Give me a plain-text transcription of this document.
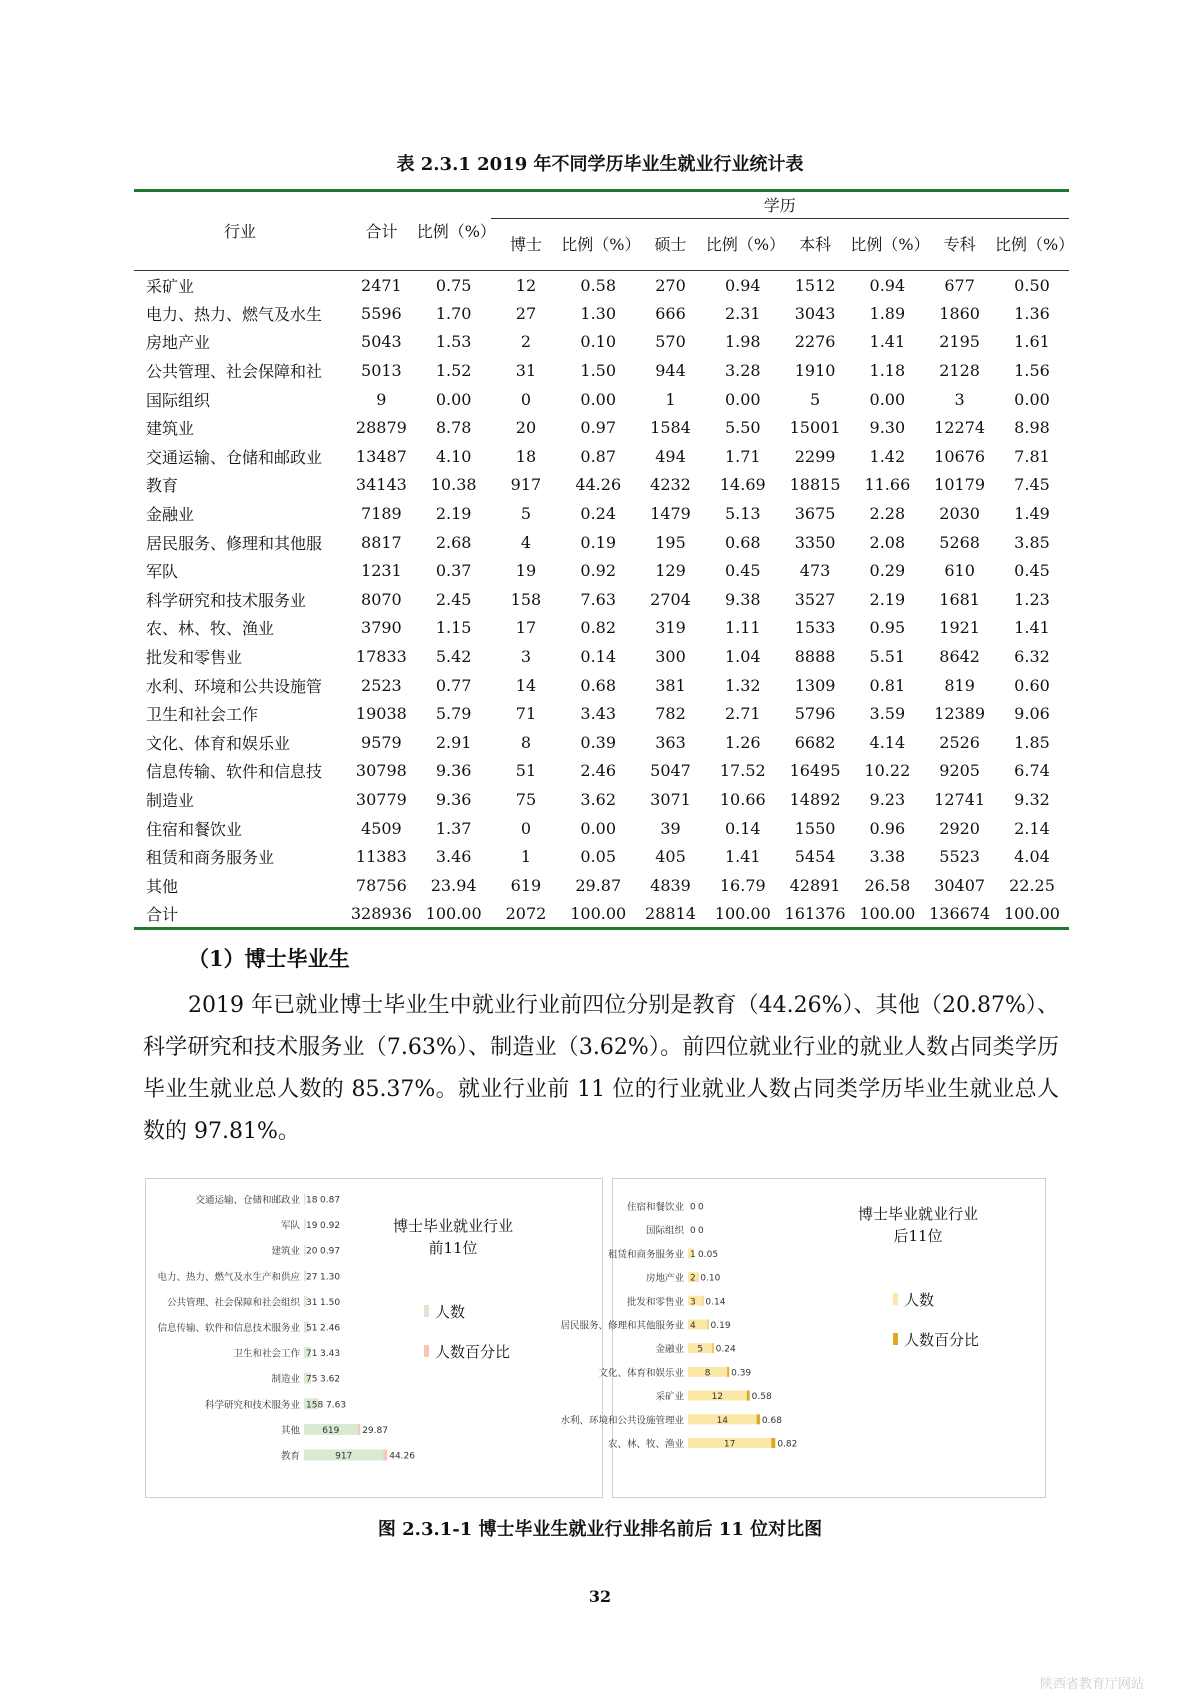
表 2.3.1 2019 年不同学历毕业生就业行业统计表
行业	合计	比例（%）	学历							
			博士	比例（%）	硕士	比例（%）	本科	比例（%）	专科	比例（%）
采矿业	2471	0.75	12	0.58	270	0.94	1512	0.94	677	0.50
电力、热力、燃气及水生	5596	1.70	27	1.30	666	2.31	3043	1.89	1860	1.36
房地产业	5043	1.53	2	0.10	570	1.98	2276	1.41	2195	1.61
公共管理、社会保障和社	5013	1.52	31	1.50	944	3.28	1910	1.18	2128	1.56
国际组织	9	0.00	0	0.00	1	0.00	5	0.00	3	0.00
建筑业	28879	8.78	20	0.97	1584	5.50	15001	9.30	12274	8.98
交通运输、仓储和邮政业	13487	4.10	18	0.87	494	1.71	2299	1.42	10676	7.81
教育	34143	10.38	917	44.26	4232	14.69	18815	11.66	10179	7.45
金融业	7189	2.19	5	0.24	1479	5.13	3675	2.28	2030	1.49
居民服务、修理和其他服	8817	2.68	4	0.19	195	0.68	3350	2.08	5268	3.85
军队	1231	0.37	19	0.92	129	0.45	473	0.29	610	0.45
科学研究和技术服务业	8070	2.45	158	7.63	2704	9.38	3527	2.19	1681	1.23
农、林、牧、渔业	3790	1.15	17	0.82	319	1.11	1533	0.95	1921	1.41
批发和零售业	17833	5.42	3	0.14	300	1.04	8888	5.51	8642	6.32
水利、环境和公共设施管	2523	0.77	14	0.68	381	1.32	1309	0.81	819	0.60
卫生和社会工作	19038	5.79	71	3.43	782	2.71	5796	3.59	12389	9.06
文化、体育和娱乐业	9579	2.91	8	0.39	363	1.26	6682	4.14	2526	1.85
信息传输、软件和信息技	30798	9.36	51	2.46	5047	17.52	16495	10.22	9205	6.74
制造业	30779	9.36	75	3.62	3071	10.66	14892	9.23	12741	9.32
住宿和餐饮业	4509	1.37	0	0.00	39	0.14	1550	0.96	2920	2.14
租赁和商务服务业	11383	3.46	1	0.05	405	1.41	5454	3.38	5523	4.04
其他	78756	23.94	619	29.87	4839	16.79	42891	26.58	30407	22.25
合计	328936	100.00	2072	100.00	28814	100.00	161376	100.00	136674	100.00
（1）博士毕业生

2019 年已就业博士毕业生中就业行业前四位分别是教育（44.26%）、其他（20.87%）、科学研究和技术服务业（7.63%）、制造业（3.62%）。前四位就业行业的就业人数占同类学历毕业生就业总人数的 85.37%。就业行业前 11 位的行业就业人数占同类学历毕业生就业总人数的 97.81%。

交通运输、仓储和邮政业 18 0.87
军队 19 0.92
建筑业 20 0.97
电力、热力、燃气及水生产和供应 27 1.30
公共管理、社会保障和社会组织 31 1.50
信息传输、软件和信息技术服务业 51 2.46
卫生和社会工作 71 3.43
制造业 75 3.62
科学研究和技术服务业 158 7.63
其他 619	29.87
教育	917	44.26
博士毕业就业行业
前11位
人数
人数百分比
住宿和餐饮业 0 0
国际组织 0 0
租赁和商务服务业 1 0.05
房地产业 2 0.10
批发和零售业 3 0.14
居民服务、修理和其他服务业 4 0.19
金融业 5 0.24
文化、体育和娱乐业 8 0.39
采矿业	12	0.58
水利、环境和公共设施管理业	14	0.68
农、林、牧、渔业	17	0.82
博士毕业就业行业
后11位
人数
人数百分比
图 2.3.1-1 博士毕业生就业行业排名前后 11 位对比图
32
陕西省教育厅网站
